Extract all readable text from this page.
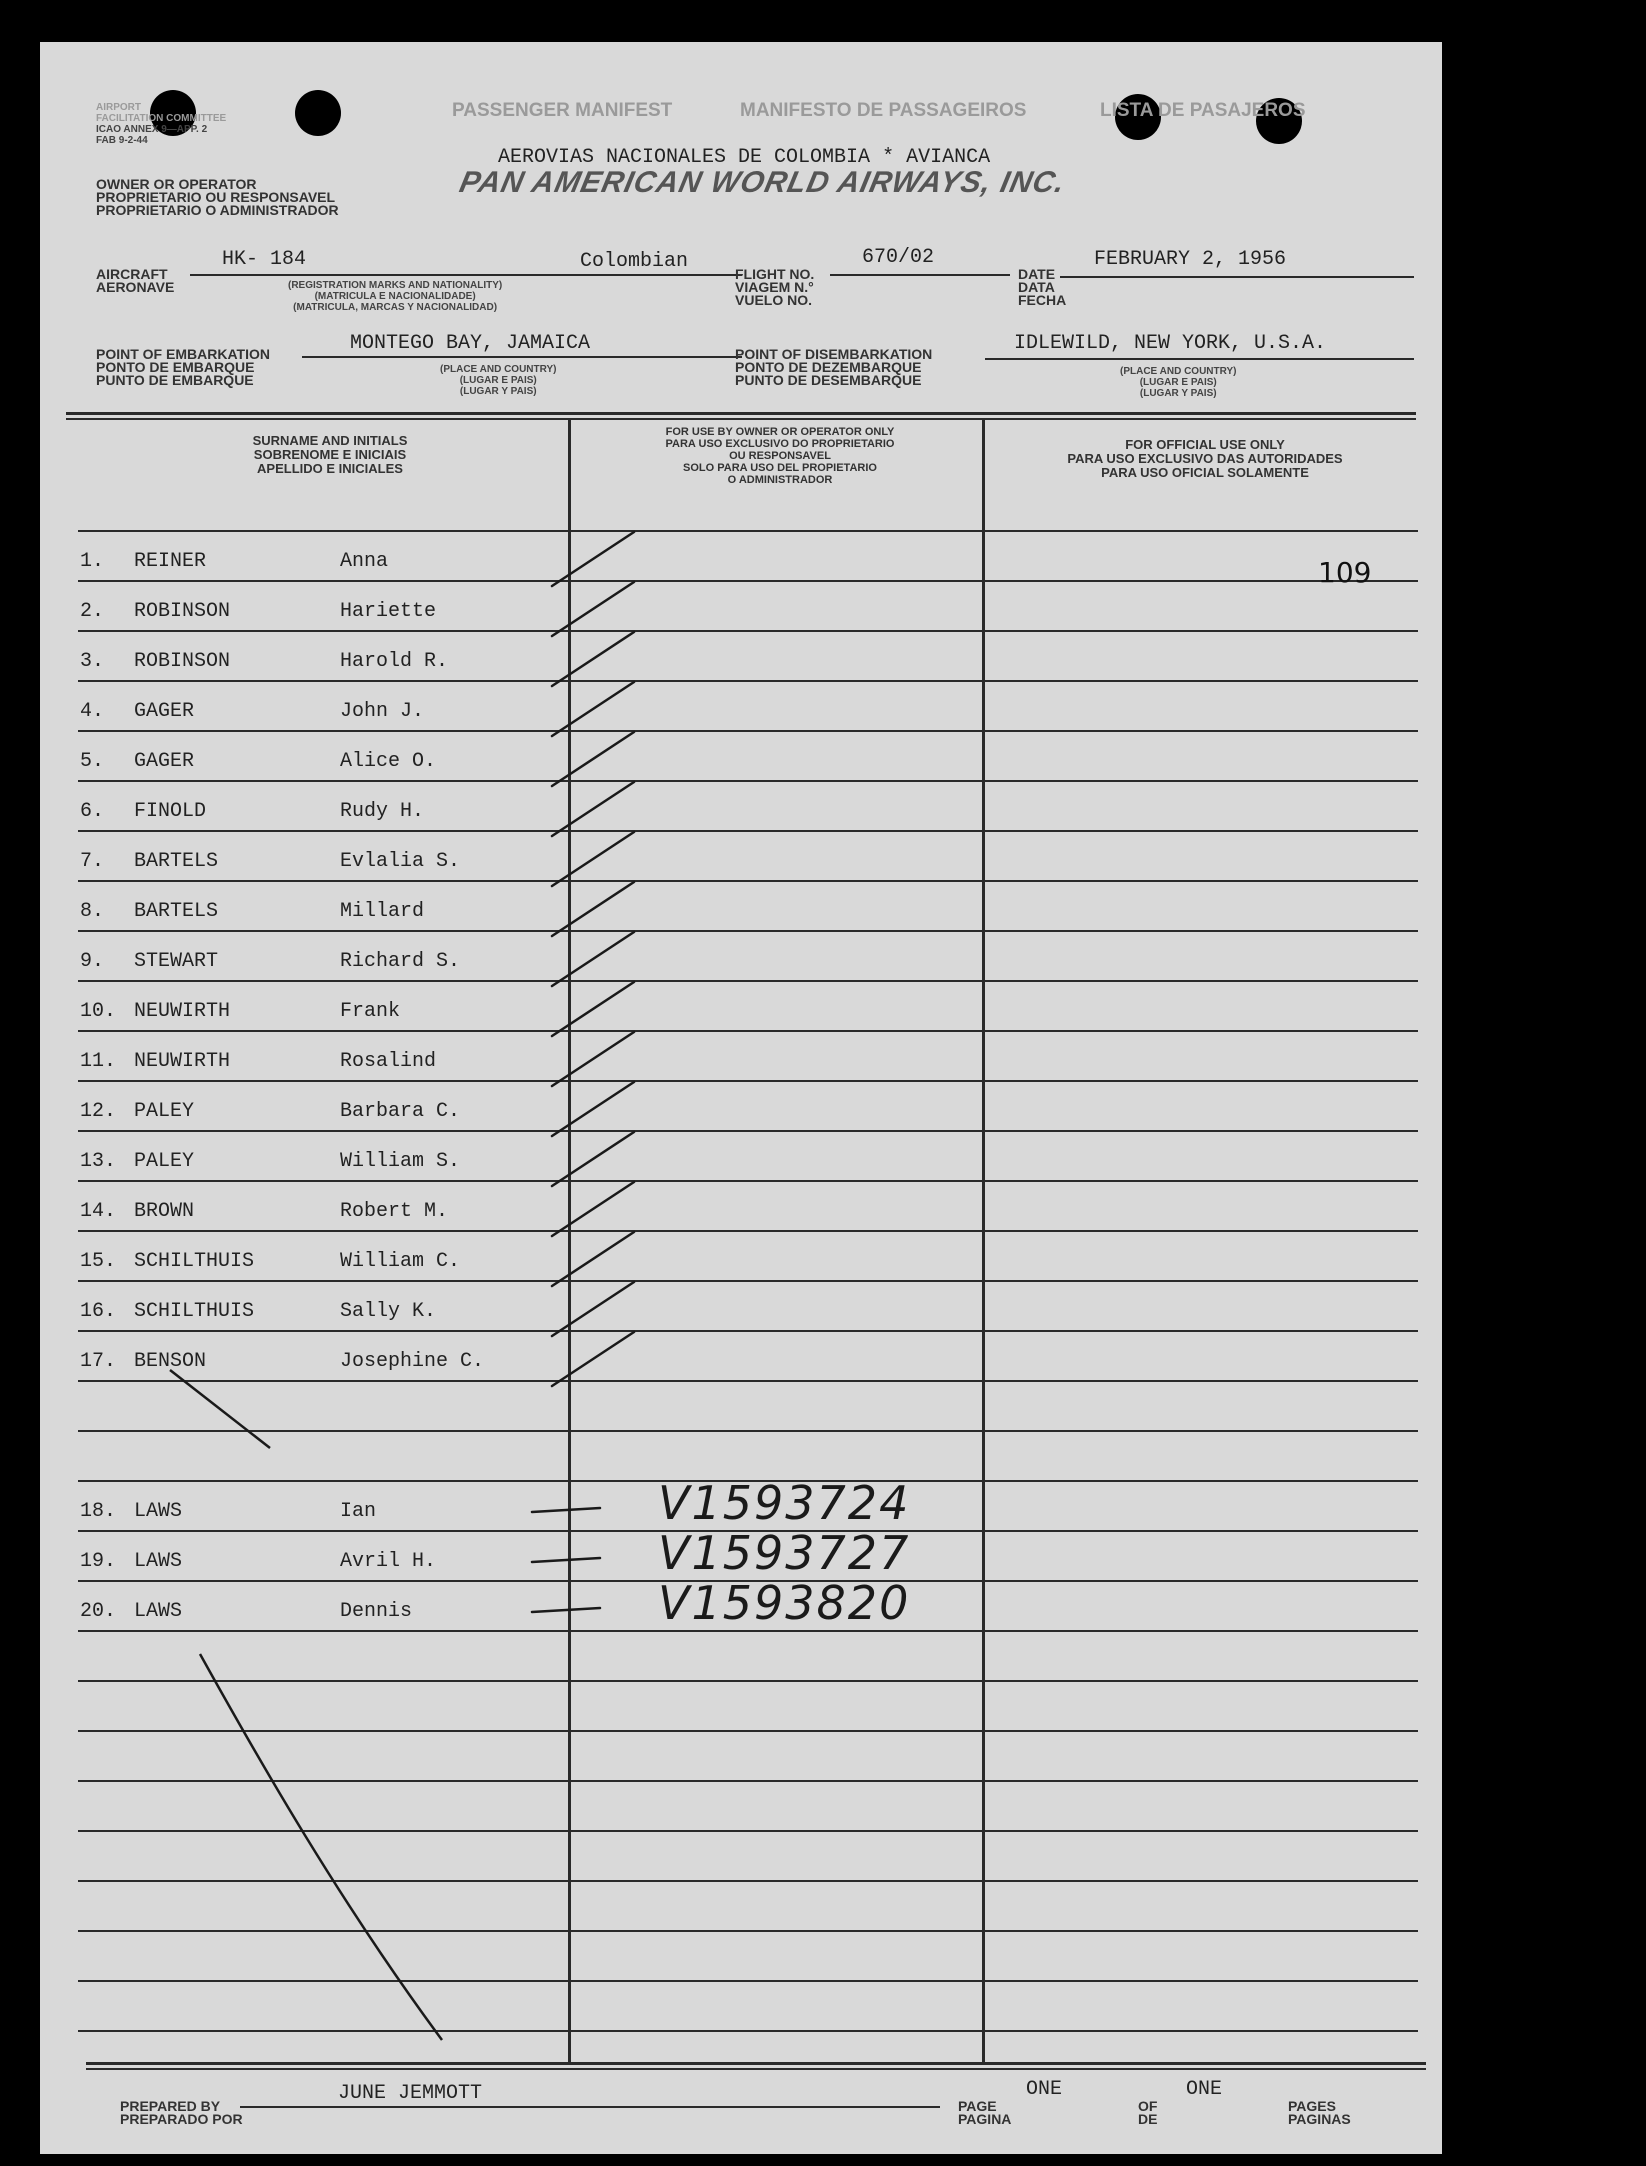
AIRPORT
FACILITATION COMMITTEE
ICAO ANNEX 9—APP. 2
FAB 9-2-44
PASSENGER MANIFEST	MANIFESTO DE PASSAGEIROS	LISTA DE PASAJEROS
OWNER OR OPERATOR
PROPRIETARIO OU RESPONSAVEL
PROPRIETARIO O ADMINISTRADOR
AEROVIAS NACIONALES DE COLOMBIA * AVIANCA
PAN AMERICAN WORLD AIRWAYS, INC.
AIRCRAFT
AERONAVE
HK- 184	Colombian
(REGISTRATION MARKS AND NATIONALITY)
(MATRICULA E NACIONALIDADE)
(MATRICULA, MARCAS Y NACIONALIDAD)
FLIGHT NO.
VIAGEM N.°
VUELO NO.
670/02
DATE
DATA
FECHA
FEBRUARY 2, 1956
POINT OF EMBARKATION
PONTO DE EMBARQUE
PUNTO DE EMBARQUE
MONTEGO BAY, JAMAICA
(PLACE AND COUNTRY)
(LUGAR E PAIS)
(LUGAR Y PAIS)
POINT OF DISEMBARKATION
PONTO DE DEZEMBARQUE
PUNTO DE DESEMBARQUE
IDLEWILD, NEW YORK, U.S.A.
(PLACE AND COUNTRY)
(LUGAR E PAIS)
(LUGAR Y PAIS)
SURNAME AND INITIALS
SOBRENOME E INICIAIS
APELLIDO E INICIALES
FOR USE BY OWNER OR OPERATOR ONLY
PARA USO EXCLUSIVO DO PROPRIETARIO
OU RESPONSAVEL
SOLO PARA USO DEL PROPIETARIO
O ADMINISTRADOR
FOR OFFICIAL USE ONLY
PARA USO EXCLUSIVO DAS AUTORIDADES
PARA USO OFICIAL SOLAMENTE
1. REINER	Anna
2. ROBINSON	Hariette
3. ROBINSON	Harold R.
4. GAGER	John J.
5. GAGER	Alice O.
6. FINOLD	Rudy H.
7. BARTELS	Evlalia S.
8. BARTELS	Millard
9. STEWART	Richard S.
10. NEUWIRTH	Frank
11. NEUWIRTH	Rosalind
12. PALEY	Barbara C.
13. PALEY	William S.
14. BROWN	Robert M.
15. SCHILTHUIS	William C.
16. SCHILTHUIS	Sally K.
17. BENSON	Josephine C.
18. LAWS	Ian	V1593724
19. LAWS	Avril H.	V1593727
20. LAWS	Dennis	V1593820
109
PREPARED BY
PREPARADO POR
JUNE JEMMOTT
PAGE
PAGINA
ONE
OF
DE
ONE
PAGES
PAGINAS
